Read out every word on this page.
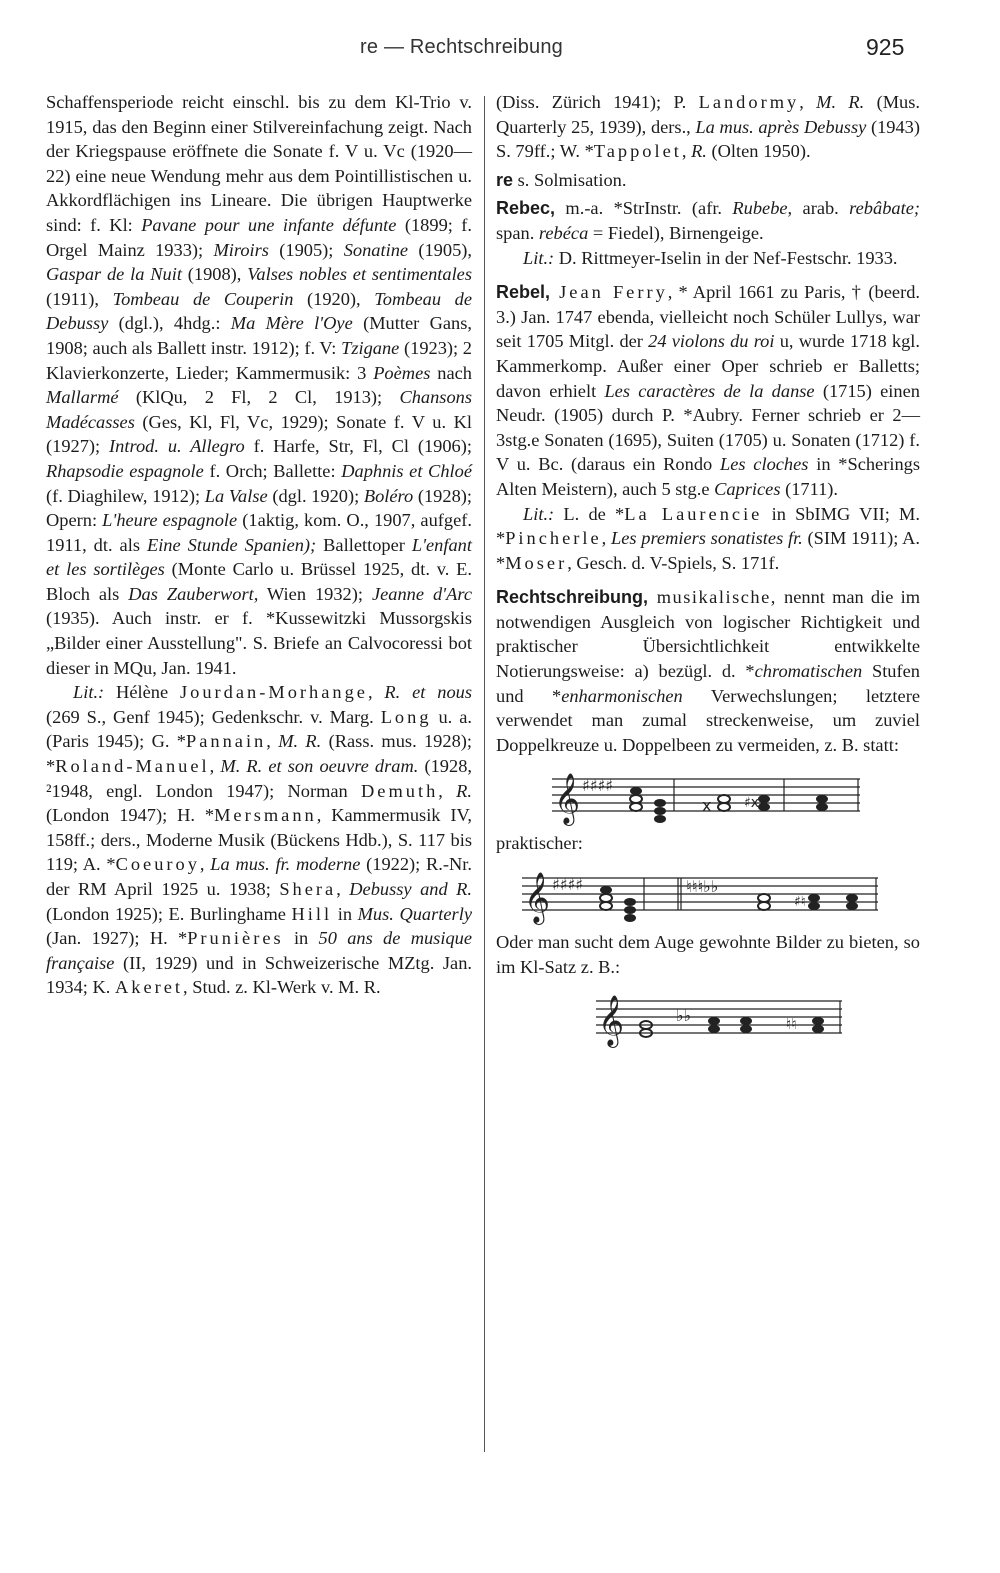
re — Rechtschreibung	925

Schaffensperiode reicht einschl. bis zu dem Kl-Trio v. 1915, das den Beginn einer Stilvereinfachung zeigt. Nach der Kriegspause eröffnete die Sonate f. V u. Vc (1920—22) eine neue Wendung mehr aus dem Pointillistischen u. Akkordflächigen ins Lineare. Die übrigen Hauptwerke sind: f. Kl: Pavane pour une infante défunte (1899; f. Orgel Mainz 1933); Miroirs (1905); Sonatine (1905), Gaspar de la Nuit (1908), Valses nobles et sentimentales (1911), Tombeau de Couperin (1920), Tombeau de Debussy (dgl.), 4hdg.: Ma Mère l'Oye (Mutter Gans, 1908; auch als Ballett instr. 1912); f. V: Tzigane (1923); 2 Klavierkonzerte, Lieder; Kammermusik: 3 Poèmes nach Mallarmé (KlQu, 2 Fl, 2 Cl, 1913); Chansons Madécasses (Ges, Kl, Fl, Vc, 1929); Sonate f. V u. Kl (1927); Introd. u. Allegro f. Harfe, Str, Fl, Cl (1906); Rhapsodie espagnole f. Orch; Ballette: Daphnis et Chloé (f. Diaghilew, 1912); La Valse (dgl. 1920); Boléro (1928); Opern: L'heure espagnole (1aktig, kom. O., 1907, aufgef. 1911, dt. als Eine Stunde Spanien); Ballettoper L'enfant et les sortilèges (Monte Carlo u. Brüssel 1925, dt. v. E. Bloch als Das Zauberwort, Wien 1932); Jeanne d'Arc (1935). Auch instr. er f. *Kussewitzki Mussorgskis „Bilder einer Ausstellung". S. Briefe an Calvocoressi bot dieser in MQu, Jan. 1941.

Lit.: Hélène Jourdan-Morhange, R. et nous (269 S., Genf 1945); Gedenkschr. v. Marg. Long u. a. (Paris 1945); G. *Pannain, M. R. (Rass. mus. 1928); *Roland-Manuel, M. R. et son oeuvre dram. (1928, ²1948, engl. London 1947); Norman Demuth, R. (London 1947); H. *Mersmann, Kammermusik IV, 158ff.; ders., Moderne Musik (Bückens Hdb.), S. 117 bis 119; A. *Coeuroy, La mus. fr. moderne (1922); R.-Nr. der RM April 1925 u. 1938; Shera, Debussy and R. (London 1925); E. Burlinghame Hill in Mus. Quarterly (Jan. 1927); H. *Prunières in 50 ans de musique française (II, 1929) und in Schweizerische MZtg. Jan. 1934; K. Akeret, Stud. z. Kl-Werk v. M. R.

(Diss. Zürich 1941); P. Landormy, M. R. (Mus. Quarterly 25, 1939), ders., La mus. après Debussy (1943) S. 79ff.; W. *Tappolet, R. (Olten 1950).

re s. Solmisation.

Rebec, m.-a. *StrInstr. (afr. Rubebe, arab. rebâbate; span. rebéca = Fiedel), Birnengeige.

Lit.: D. Rittmeyer-Iselin in der Nef-Festschr. 1933.

Rebel, Jean Ferry, * April 1661 zu Paris, † (beerd. 3.) Jan. 1747 ebenda, vielleicht noch Schüler Lullys, war seit 1705 Mitgl. der 24 violons du roi u, wurde 1718 kgl. Kammerkomp. Außer einer Oper schrieb er Balletts; davon erhielt Les caractères de la danse (1715) einen Neudr. (1905) durch P. *Aubry. Ferner schrieb er 2—3stg.e Sonaten (1695), Suiten (1705) u. Sonaten (1712) f. V u. Bc. (daraus ein Rondo Les cloches in *Scherings Alten Meistern), auch 5 stg.e Caprices (1711).

Lit.: L. de *La Laurencie in SbIMG VII; M. *Pincherle, Les premiers sonatistes fr. (SIM 1911); A. *Moser, Gesch. d. V-Spiels, S. 171f.

Rechtschreibung, musikalische, nennt man die im notwendigen Ausgleich von logischer Richtigkeit und praktischer Übersichtlichkeit entwikkelte Notierungsweise: a) bezügl. d. *chromatischen Stufen und *enharmonischen Verwechslungen; letztere verwendet man zumal streckenweise, um zuviel Doppelkreuze u. Doppelbeen zu vermeiden, z. B. statt:

𝄞 ♯♯♯♯
x ♯x

praktischer:

𝄞 ♯♯♯♯	♮♮♮♭♭
♯♮

Oder man sucht dem Auge gewohnte Bilder zu bieten, so im Kl-Satz z. B.:

𝄞	♭♭	♮♮
